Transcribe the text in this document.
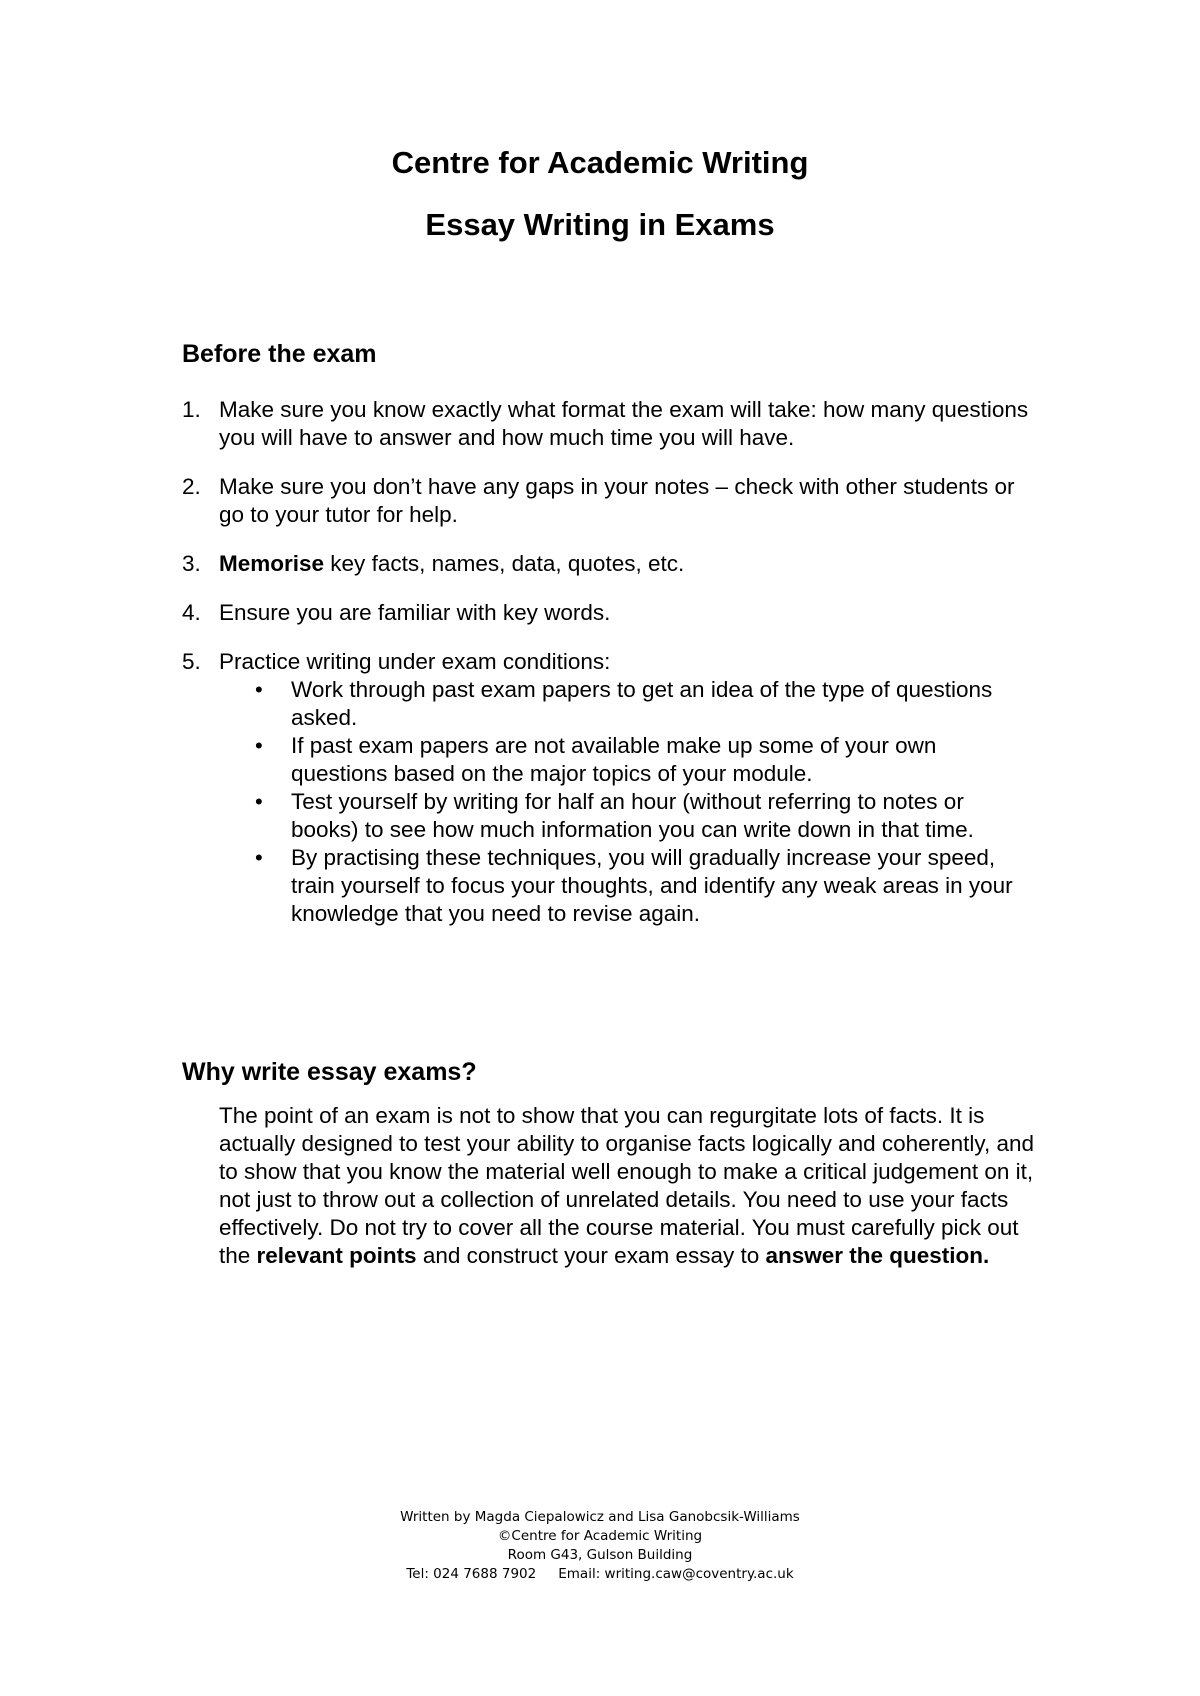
Centre for Academic Writing
Essay Writing in Exams
Before the exam
1. Make sure you know exactly what format the exam will take: how many questions you will have to answer and how much time you will have.
2. Make sure you don’t have any gaps in your notes – check with other students or go to your tutor for help.
3. Memorise key facts, names, data, quotes, etc.
4. Ensure you are familiar with key words.
5. Practice writing under exam conditions:
• Work through past exam papers to get an idea of the type of questions asked.
• If past exam papers are not available make up some of your own questions based on the major topics of your module.
• Test yourself by writing for half an hour (without referring to notes or books) to see how much information you can write down in that time.
• By practising these techniques, you will gradually increase your speed, train yourself to focus your thoughts, and identify any weak areas in your knowledge that you need to revise again.
Why write essay exams?

The point of an exam is not to show that you can regurgitate lots of facts. It is actually designed to test your ability to organise facts logically and coherently, and to show that you know the material well enough to make a critical judgement on it, not just to throw out a collection of unrelated details. You need to use your facts effectively. Do not try to cover all the course material. You must carefully pick out the relevant points and construct your exam essay to answer the question.

Written by Magda Ciepalowicz and Lisa Ganobcsik-Williams
©Centre for Academic Writing
Room G43, Gulson Building
Tel: 024 7688 7902 Email: writing.caw@coventry.ac.uk
